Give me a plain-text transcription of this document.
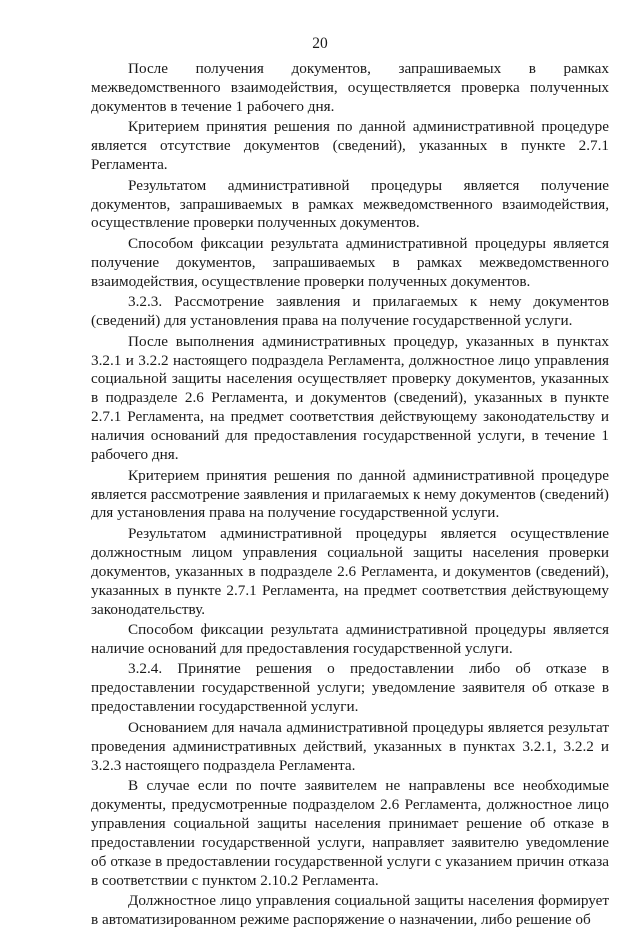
20

После получения документов, запрашиваемых в рамках межведомственного взаимодействия, осуществляется проверка полученных документов в течение 1 рабочего дня.

Критерием принятия решения по данной административной процедуре является отсутствие документов (сведений), указанных в пункте 2.7.1 Регламента.

Результатом административной процедуры является получение документов, запрашиваемых в рамках межведомственного взаимодействия, осуществление проверки полученных документов.

Способом фиксации результата административной процедуры является получение документов, запрашиваемых в рамках межведомственного взаимодействия, осуществление проверки полученных документов.

3.2.3. Рассмотрение заявления и прилагаемых к нему документов (сведений) для установления права на получение государственной услуги.

После выполнения административных процедур, указанных в пунктах 3.2.1 и 3.2.2 настоящего подраздела Регламента, должностное лицо управления социальной защиты населения осуществляет проверку документов, указанных в подразделе 2.6 Регламента, и документов (сведений), указанных в пункте 2.7.1 Регламента, на предмет соответствия действующему законодательству и наличия оснований для предоставления государственной услуги, в течение 1 рабочего дня.

Критерием принятия решения по данной административной процедуре является рассмотрение заявления и прилагаемых к нему документов (сведений) для установления права на получение государственной услуги.

Результатом административной процедуры является осуществление должностным лицом управления социальной защиты населения проверки документов, указанных в подразделе 2.6 Регламента, и документов (сведений), указанных в пункте 2.7.1 Регламента, на предмет соответствия действующему законодательству.

Способом фиксации результата административной процедуры является наличие оснований для предоставления государственной услуги.

3.2.4. Принятие решения о предоставлении либо об отказе в предоставлении государственной услуги; уведомление заявителя об отказе в предоставлении государственной услуги.

Основанием для начала административной процедуры является результат проведения административных действий, указанных в пунктах 3.2.1, 3.2.2 и 3.2.3 настоящего подраздела Регламента.

В случае если по почте заявителем не направлены все необходимые документы, предусмотренные подразделом 2.6 Регламента, должностное лицо управления социальной защиты населения принимает решение об отказе в предоставлении государственной услуги, направляет заявителю уведомление об отказе в предоставлении государственной услуги с указанием причин отказа в соответствии с пунктом 2.10.2 Регламента.

Должностное лицо управления социальной защиты населения формирует в автоматизированном режиме распоряжение о назначении, либо решение об
